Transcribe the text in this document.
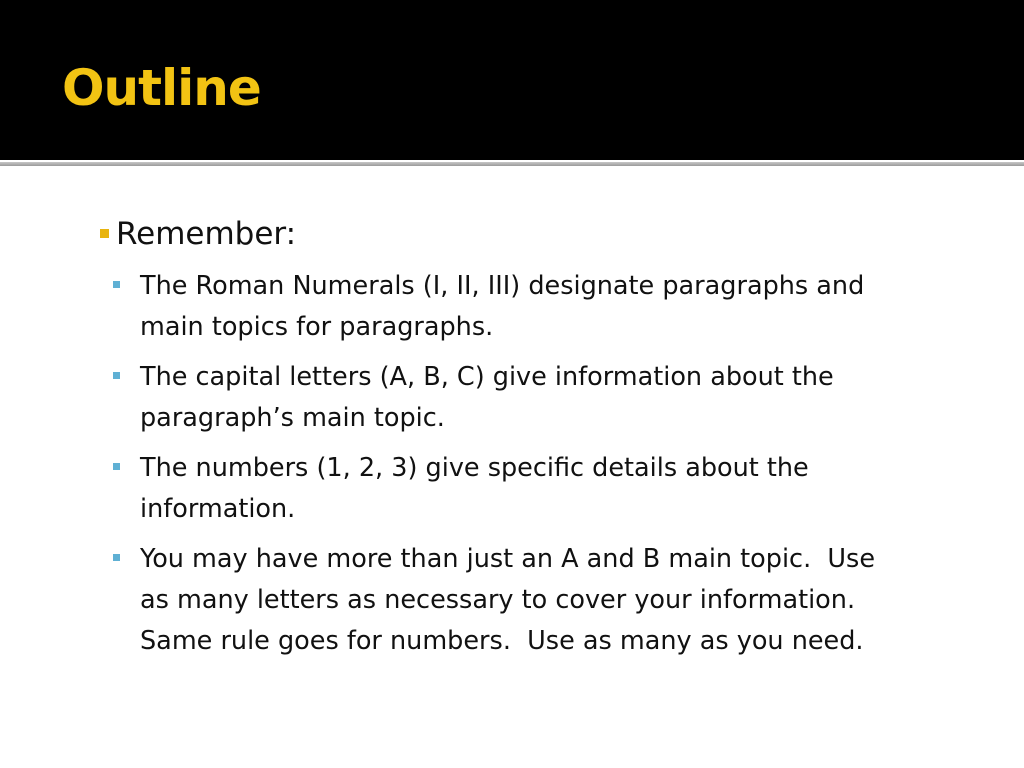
Outline
Remember:
The Roman Numerals (I, II, III) designate paragraphs and
main topics for paragraphs.
The capital letters (A, B, C) give information about the
paragraph’s main topic.
The numbers (1, 2, 3) give specific details about the
information.
You may have more than just an A and B main topic.  Use
as many letters as necessary to cover your information.
Same rule goes for numbers.  Use as many as you need.
